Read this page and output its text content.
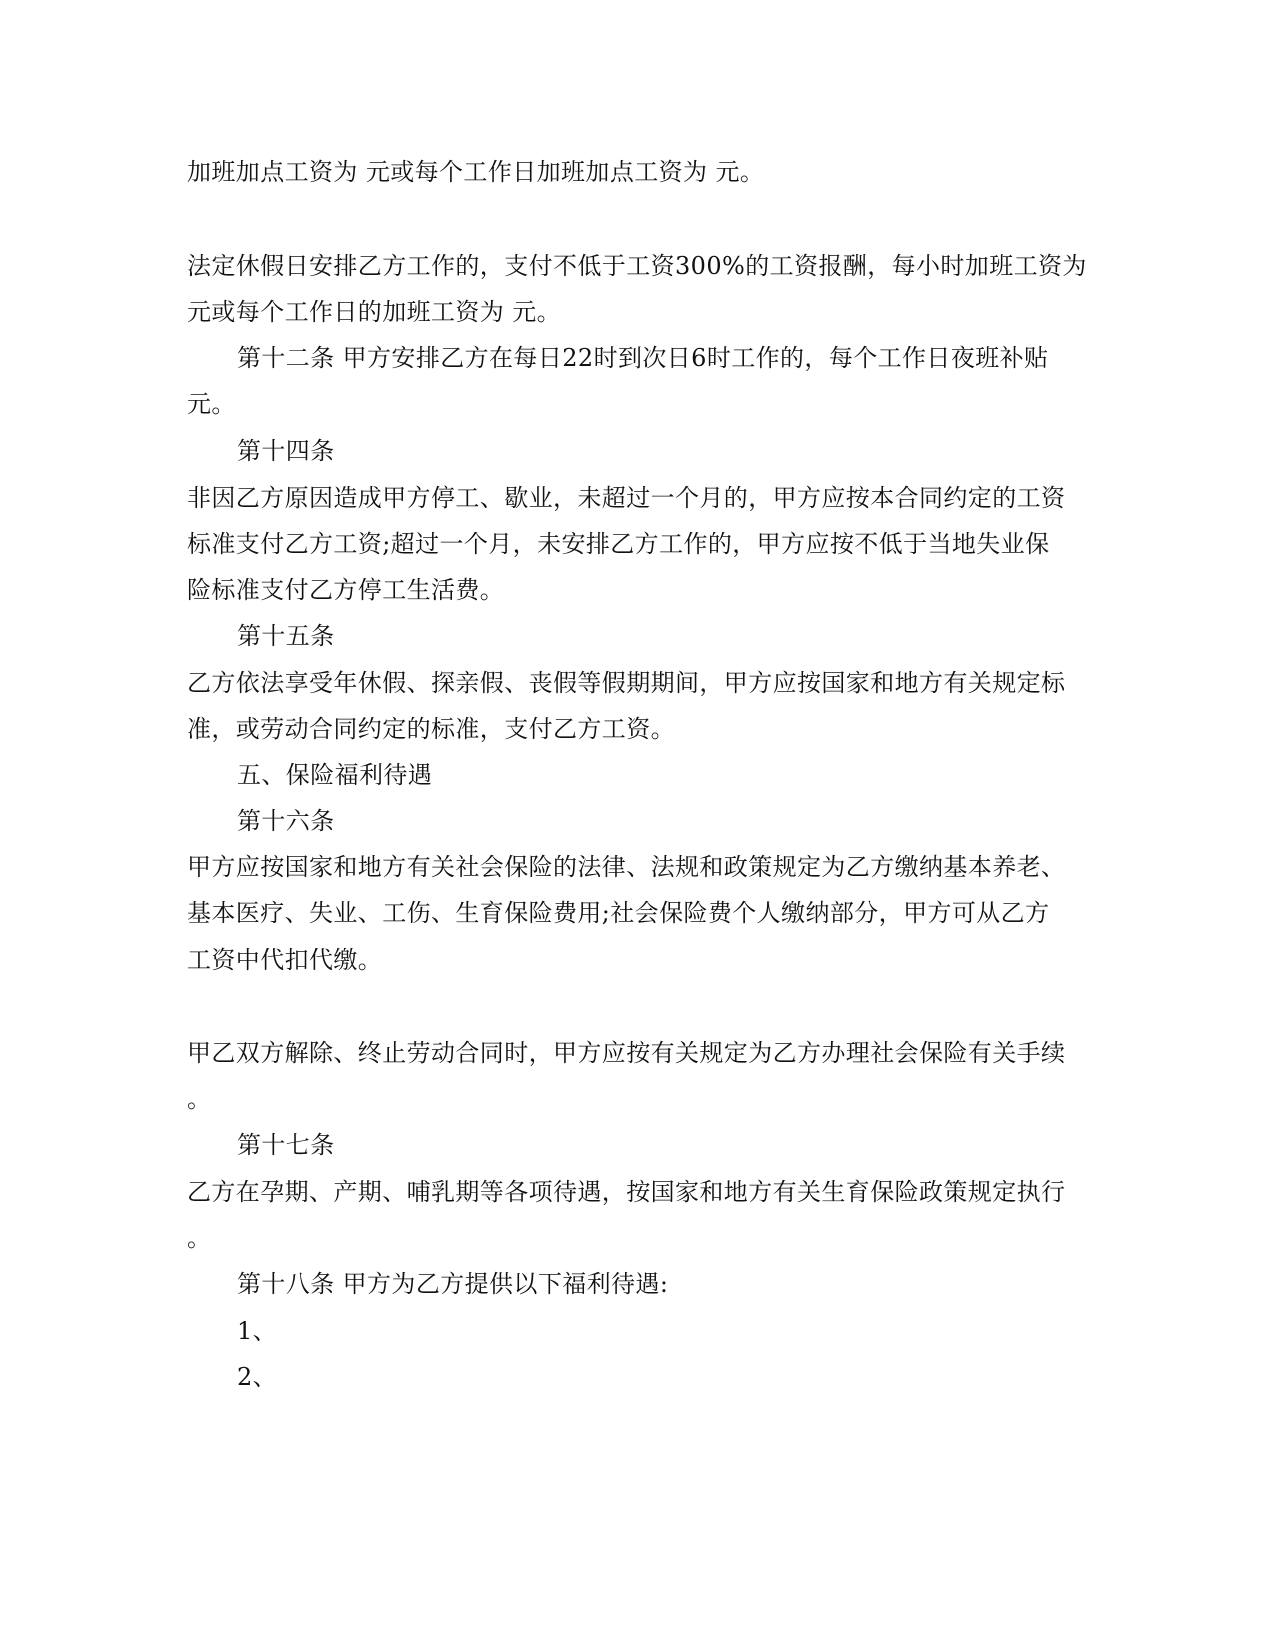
加班加点工资为 元或每个工作日加班加点工资为 元。
法定休假日安排乙方工作的，支付不低于工资300%的工资报酬，每小时加班工资为
元或每个工作日的加班工资为 元。
第十二条 甲方安排乙方在每日22时到次日6时工作的，每个工作日夜班补贴
元。
第十四条
非因乙方原因造成甲方停工、歇业，未超过一个月的，甲方应按本合同约定的工资
标准支付乙方工资;超过一个月，未安排乙方工作的，甲方应按不低于当地失业保
险标准支付乙方停工生活费。
第十五条
乙方依法享受年休假、探亲假、丧假等假期期间，甲方应按国家和地方有关规定标
准，或劳动合同约定的标准，支付乙方工资。
五、保险福利待遇
第十六条
甲方应按国家和地方有关社会保险的法律、法规和政策规定为乙方缴纳基本养老、
基本医疗、失业、工伤、生育保险费用;社会保险费个人缴纳部分，甲方可从乙方
工资中代扣代缴。
甲乙双方解除、终止劳动合同时，甲方应按有关规定为乙方办理社会保险有关手续
。
第十七条
乙方在孕期、产期、哺乳期等各项待遇，按国家和地方有关生育保险政策规定执行
。
第十八条 甲方为乙方提供以下福利待遇:
1、
2、
